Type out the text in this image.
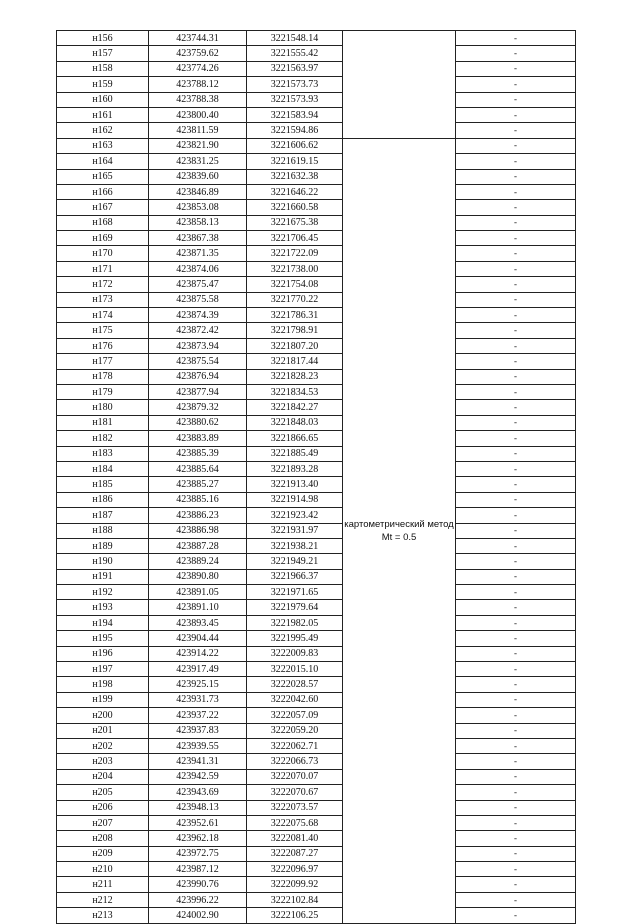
н156	423744.31	3221548.14		-
н157	423759.62	3221555.42		-
н158	423774.26	3221563.97		-
н159	423788.12	3221573.73		-
н160	423788.38	3221573.93		-
н161	423800.40	3221583.94		-
н162	423811.59	3221594.86		-
н163	423821.90	3221606.62	картометрический метод Мt = 0.5	-
н164	423831.25	3221619.15		-
н165	423839.60	3221632.38		-
н166	423846.89	3221646.22		-
н167	423853.08	3221660.58		-
н168	423858.13	3221675.38		-
н169	423867.38	3221706.45		-
н170	423871.35	3221722.09		-
н171	423874.06	3221738.00		-
н172	423875.47	3221754.08		-
н173	423875.58	3221770.22		-
н174	423874.39	3221786.31		-
н175	423872.42	3221798.91		-
н176	423873.94	3221807.20		-
н177	423875.54	3221817.44		-
н178	423876.94	3221828.23		-
н179	423877.94	3221834.53		-
н180	423879.32	3221842.27		-
н181	423880.62	3221848.03		-
н182	423883.89	3221866.65		-
н183	423885.39	3221885.49		-
н184	423885.64	3221893.28		-
н185	423885.27	3221913.40		-
н186	423885.16	3221914.98		-
н187	423886.23	3221923.42		-
н188	423886.98	3221931.97		-
н189	423887.28	3221938.21		-
н190	423889.24	3221949.21		-
н191	423890.80	3221966.37		-
н192	423891.05	3221971.65		-
н193	423891.10	3221979.64		-
н194	423893.45	3221982.05		-
н195	423904.44	3221995.49		-
н196	423914.22	3222009.83		-
н197	423917.49	3222015.10		-
н198	423925.15	3222028.57		-
н199	423931.73	3222042.60		-
н200	423937.22	3222057.09		-
н201	423937.83	3222059.20		-
н202	423939.55	3222062.71		-
н203	423941.31	3222066.73		-
н204	423942.59	3222070.07		-
н205	423943.69	3222070.67		-
н206	423948.13	3222073.57		-
н207	423952.61	3222075.68		-
н208	423962.18	3222081.40		-
н209	423972.75	3222087.27		-
н210	423987.12	3222096.97		-
н211	423990.76	3222099.92		-
н212	423996.22	3222102.84		-
н213	424002.90	3222106.25		-
